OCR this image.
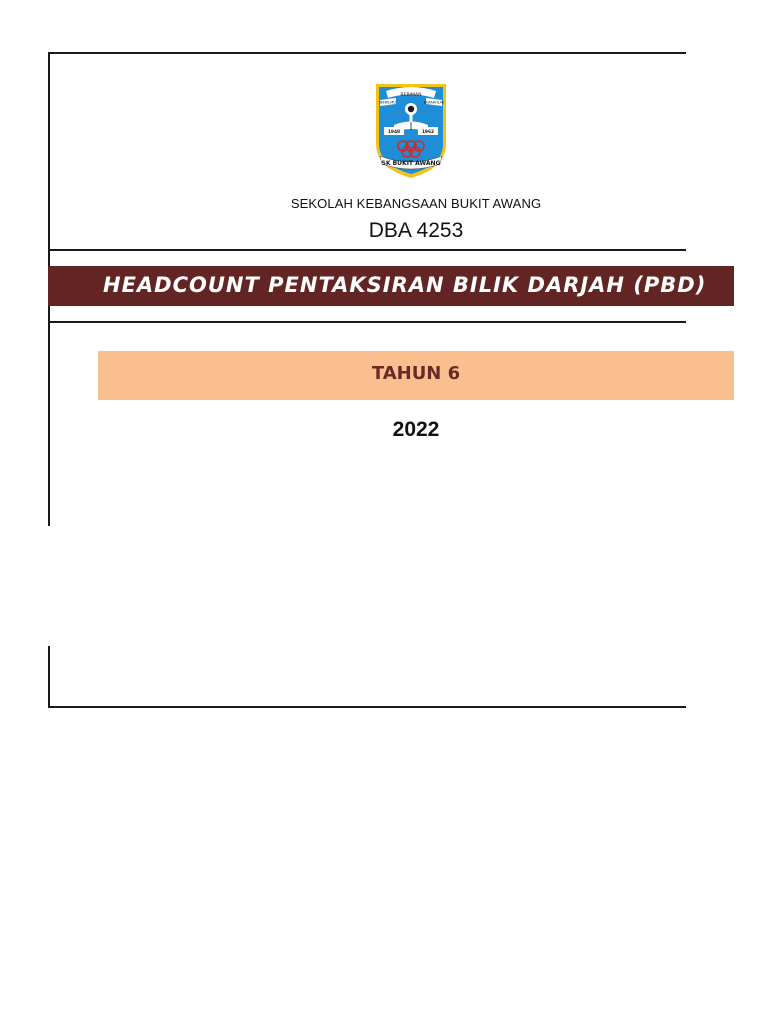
BERIMAN
BERILMU	BERAKHLAK
1948	1962
SK BUKIT AWANG
SEKOLAH KEBANGSAAN BUKIT AWANG
DBA 4253
HEADCOUNT PENTAKSIRAN BILIK DARJAH (PBD)
TAHUN 6
2022
